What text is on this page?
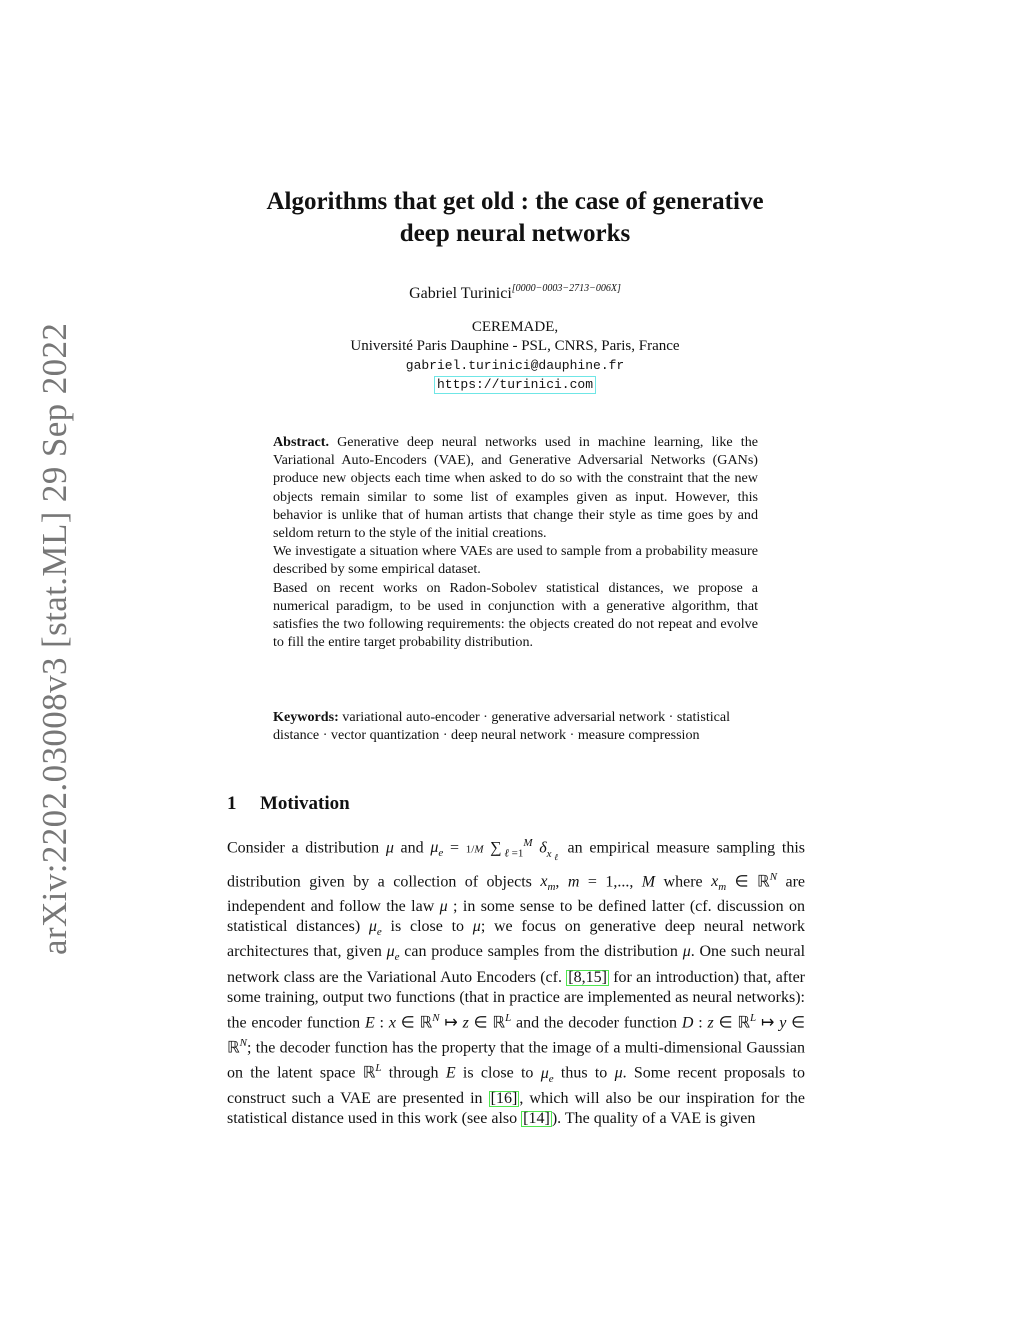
arXiv:2202.03008v3 [stat.ML] 29 Sep 2022
Algorithms that get old : the case of generative
deep neural networks
Gabriel Turinici[0000−0003−2713−006X]
CEREMADE,
Université Paris Dauphine - PSL, CNRS, Paris, France
gabriel.turinici@dauphine.fr
https://turinici.com

Abstract. Generative deep neural networks used in machine learning, like the Variational Auto-Encoders (VAE), and Generative Adversarial Networks (GANs) produce new objects each time when asked to do so with the constraint that the new objects remain similar to some list of examples given as input. However, this behavior is unlike that of human artists that change their style as time goes by and seldom return to the style of the initial creations.

We investigate a situation where VAEs are used to sample from a probability measure described by some empirical dataset.

Based on recent works on Radon-Sobolev statistical distances, we propose a numerical paradigm, to be used in conjunction with a generative algorithm, that satisfies the two following requirements: the objects created do not repeat and evolve to fill the entire target probability distribution.

Keywords: variational auto-encoder · generative adversarial network · statistical distance · vector quantization · deep neural network · measure compression
1 Motivation

Consider a distribution μ and $\mu_e = 1/M$ $\sum_{\ell=1}^M$ $\delta_{x_\ell}$ an empirical measure sampling this distribution given by a collection of objects $x_m$, m = 1,..., M where $x_m$ ∈ ℝ$^N$ are independent and follow the law μ ; in some sense to be defined latter (cf. discussion on statistical distances) $\mu_e$ is close to μ; we focus on generative deep neural network architectures that, given $\mu_e$ can produce samples from the distribution μ. One such neural network class are the Variational Auto Encoders (cf. [8,15] for an introduction) that, after some training, output two functions (that in practice are implemented as neural networks): the encoder function E : x ∈ ℝ$^N$ ↦ z ∈ ℝ$^L$ and the decoder function D : z ∈ ℝ$^L$ ↦ y ∈ ℝ$^N$; the decoder function has the property that the image of a multi-dimensional Gaussian on the latent space ℝ$^L$ through E is close to $\mu_e$ thus to μ. Some recent proposals to construct such a VAE are presented in [16] , which will also be our inspiration for the statistical distance used in this work (see also [14] ). The quality of a VAE is given
